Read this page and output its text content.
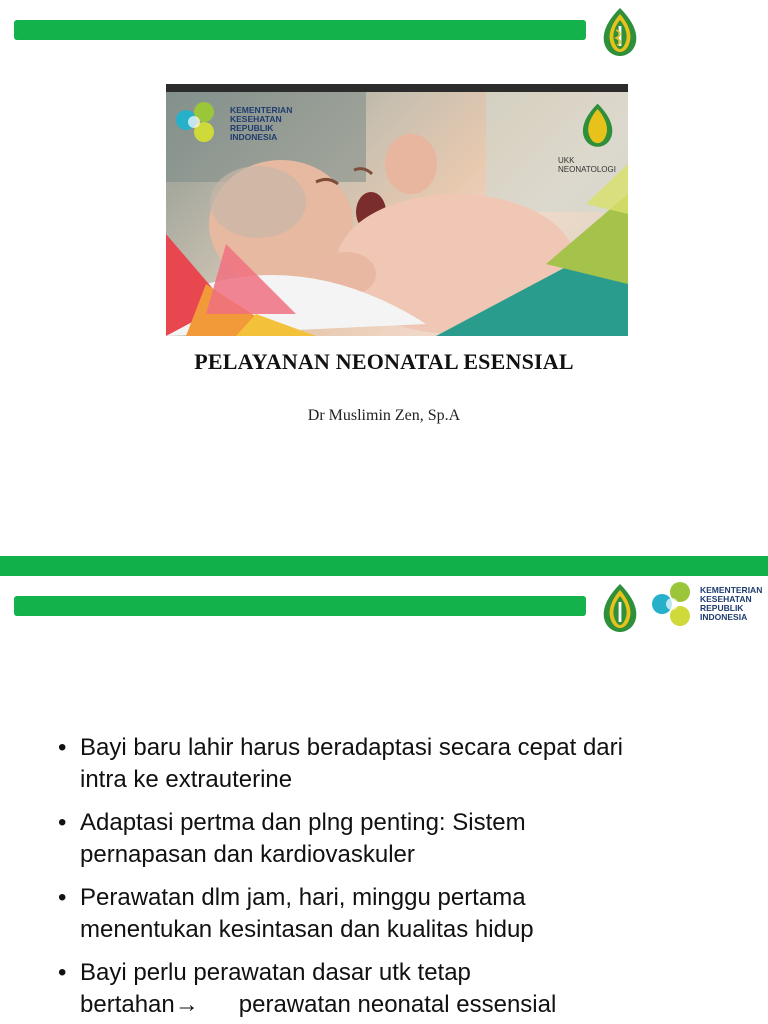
KEMENTERIAN
KESEHATAN
REPUBLIK
INDONESIA
UKK NEONATOLOGI
PELAYANAN NEONATAL ESENSIAL
Dr Muslimin Zen, Sp.A
KEMENTERIAN
KESEHATAN
REPUBLIK
INDONESIA
• Bayi baru lahir harus beradaptasi secara cepat dari
intra ke extrauterine
• Adaptasi pertma dan plng penting: Sistem
pernapasan dan kardiovaskuler
• Perawatan dlm jam, hari, minggu pertama
menentukan kesintasan dan kualitas hidup
• Bayi perlu perawatan dasar utk tetap
bertahan→      perawatan neonatal essensial
